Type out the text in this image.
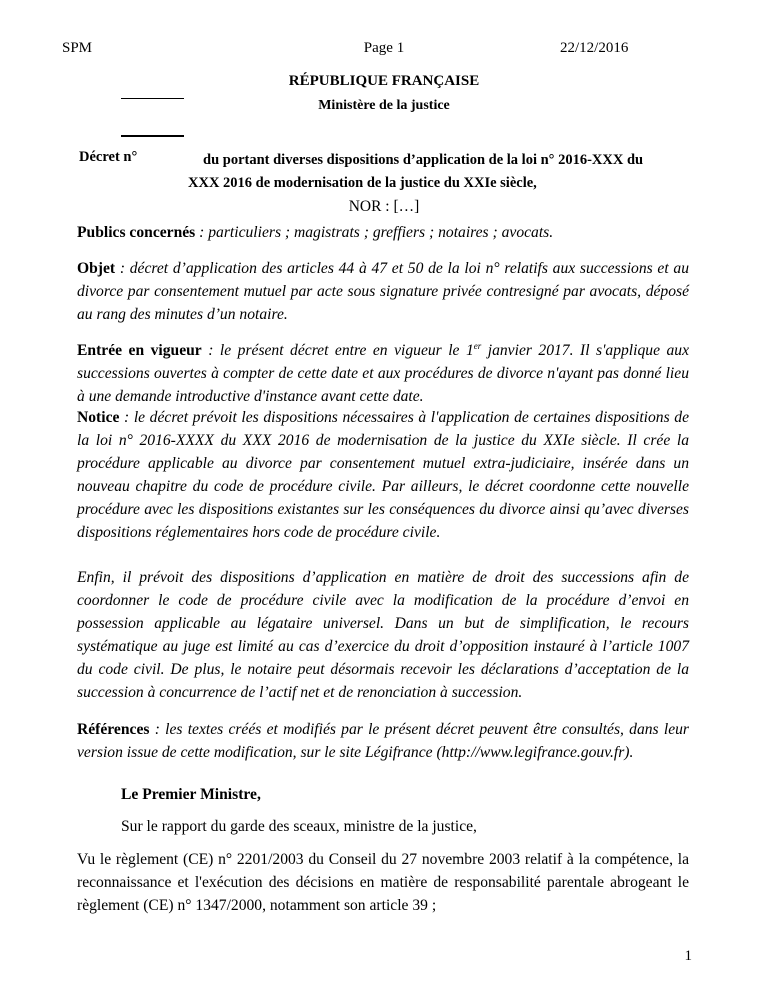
Page 1
SPM	22/12/2016
RÉPUBLIQUE FRANÇAISE
Ministère de la justice
Décret n°	du portant diverses dispositions d’application de la loi n° 2016-XXX du
XXX 2016 de modernisation de la justice du XXIe siècle,
NOR : […]
Publics concernés : particuliers ; magistrats ; greffiers ; notaires ; avocats.
Objet : décret d’application des articles 44 à 47 et 50 de la loi n° relatifs aux successions et au divorce par consentement mutuel par acte sous signature privée contresigné par avocats, déposé au rang des minutes d’un notaire.
Entrée en vigueur : le présent décret entre en vigueur le 1er janvier 2017. Il s'applique aux successions ouvertes à compter de cette date et aux procédures de divorce n'ayant pas donné lieu à une demande introductive d'instance avant cette date.
Notice : le décret prévoit les dispositions nécessaires à l'application de certaines dispositions de la loi n° 2016-XXXX du XXX 2016 de modernisation de la justice du XXIe siècle. Il crée la procédure applicable au divorce par consentement mutuel extra-judiciaire, insérée dans un nouveau chapitre du code de procédure civile. Par ailleurs, le décret coordonne cette nouvelle procédure avec les dispositions existantes sur les conséquences du divorce ainsi qu’avec diverses dispositions réglementaires hors code de procédure civile.
Enfin, il prévoit des dispositions d’application en matière de droit des successions afin de coordonner le code de procédure civile avec la modification de la procédure d’envoi en possession applicable au légataire universel. Dans un but de simplification, le recours systématique au juge est limité au cas d’exercice du droit d’opposition instauré à l’article 1007 du code civil. De plus, le notaire peut désormais recevoir les déclarations d’acceptation de la succession à concurrence de l’actif net et de renonciation à succession.
Références : les textes créés et modifiés par le présent décret peuvent être consultés, dans leur version issue de cette modification, sur le site Légifrance (http://www.legifrance.gouv.fr).
Le Premier Ministre,
Sur le rapport du garde des sceaux, ministre de la justice,
Vu le règlement (CE) n° 2201/2003 du Conseil du 27 novembre 2003 relatif à la compétence, la reconnaissance et l'exécution des décisions en matière de responsabilité parentale abrogeant le règlement (CE) n° 1347/2000, notamment son article 39 ;
1
